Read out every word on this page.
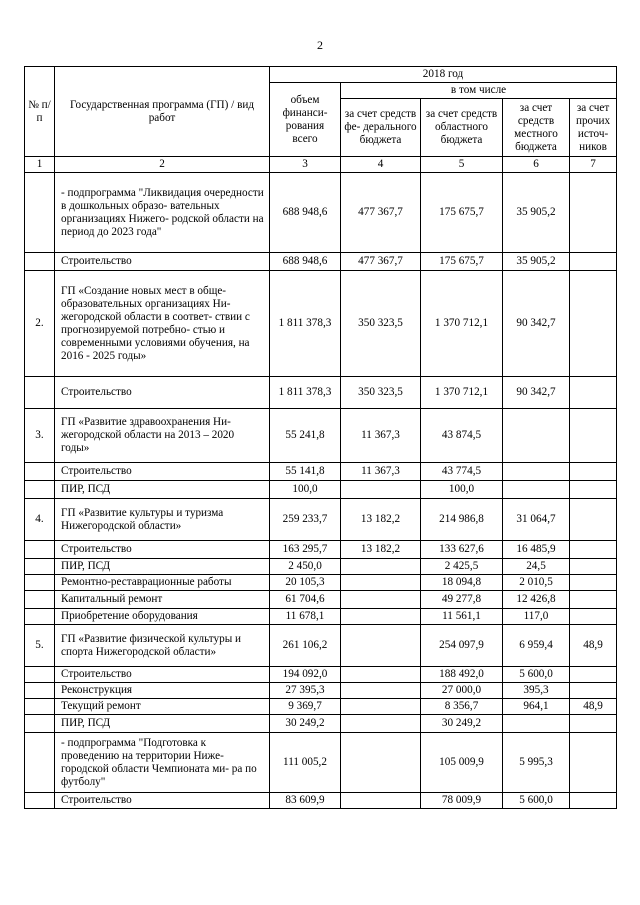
2
№ п/п	Государственная программа (ГП) / вид работ	2018 год				
		объем финанси- рования всего	в том числе			
			за счет средств фе- дерального бюджета	за счет средств областного бюджета	за счет средств местного бюджета	за счет прочих источ- ников
1	2	3	4	5	6	7
	- подпрограмма "Ликвидация очередности в дошкольных образо- вательных организациях Нижего- родской области на период до 2023 года"	688 948,6	477 367,7	175 675,7	35 905,2	
	Строительство	688 948,6	477 367,7	175 675,7	35 905,2	
2.	ГП «Создание новых мест в обще- образовательных организациях Ни- жегородской области в соответ- ствии с прогнозируемой потребно- стью и современными условиями обучения, на 2016 - 2025 годы»	1 811 378,3	350 323,5	1 370 712,1	90 342,7	
	Строительство	1 811 378,3	350 323,5	1 370 712,1	90 342,7	
3.	ГП «Развитие здравоохранения Ни- жегородской области на 2013 – 2020 годы»	55 241,8	11 367,3	43 874,5		
	Строительство	55 141,8	11 367,3	43 774,5		
	ПИР, ПСД	100,0		100,0		
4.	ГП «Развитие культуры и туризма Нижегородской области»	259 233,7	13 182,2	214 986,8	31 064,7	
	Строительство	163 295,7	13 182,2	133 627,6	16 485,9	
	ПИР, ПСД	2 450,0		2 425,5	24,5	
	Ремонтно-реставрационные работы	20 105,3		18 094,8	2 010,5	
	Капитальный ремонт	61 704,6		49 277,8	12 426,8	
	Приобретение оборудования	11 678,1		11 561,1	117,0	
5.	ГП «Развитие физической культуры и спорта Нижегородской области»	261 106,2		254 097,9	6 959,4	48,9
	Строительство	194 092,0		188 492,0	5 600,0	
	Реконструкция	27 395,3		27 000,0	395,3	
	Текущий ремонт	9 369,7		8 356,7	964,1	48,9
	ПИР, ПСД	30 249,2		30 249,2		
	- подпрограмма "Подготовка к проведению на территории Ниже- городской области Чемпионата ми- ра по футболу"	111 005,2		105 009,9	5 995,3	
	Строительство	83 609,9		78 009,9	5 600,0	
